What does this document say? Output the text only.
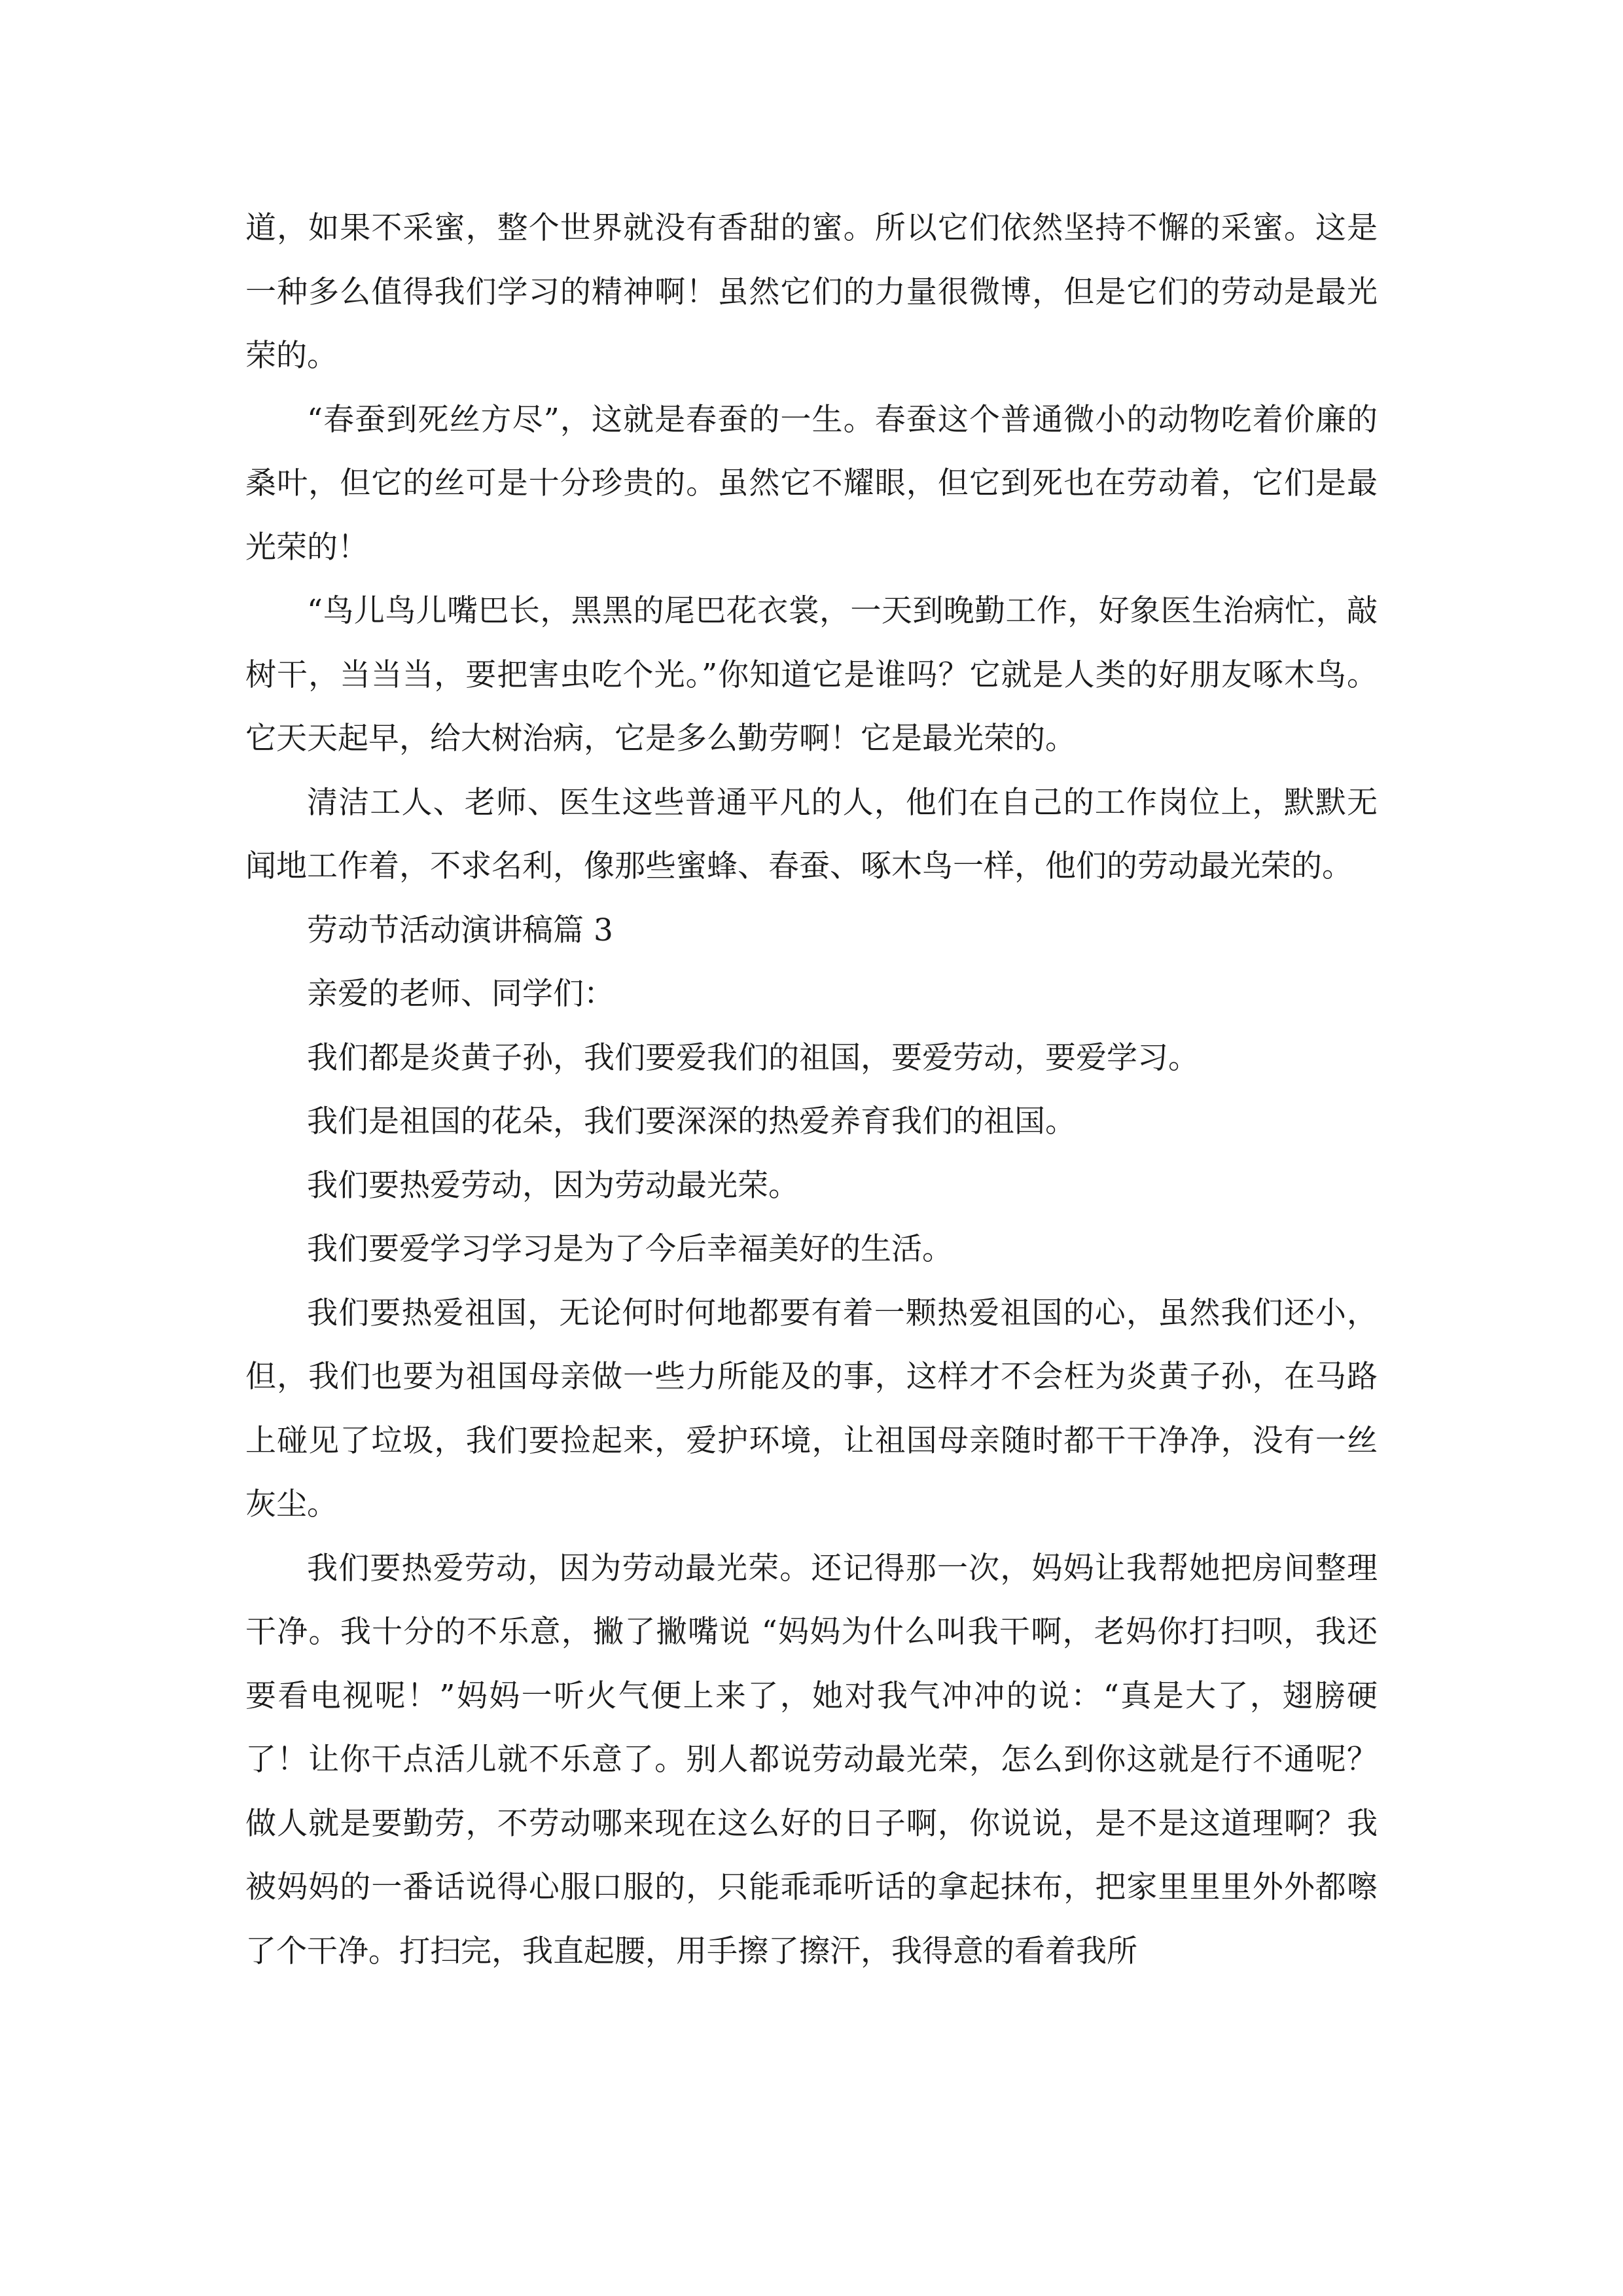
道，如果不采蜜，整个世界就没有香甜的蜜。所以它们依然坚持不懈的采蜜。这是一种多么值得我们学习的精神啊！虽然它们的力量很微博，但是它们的劳动是最光荣的。

“春蚕到死丝方尽”，这就是春蚕的一生。春蚕这个普通微小的动物吃着价廉的桑叶，但它的丝可是十分珍贵的。虽然它不耀眼，但它到死也在劳动着，它们是最光荣的！

“鸟儿鸟儿嘴巴长，黑黑的尾巴花衣裳，一天到晚勤工作，好象医生治病忙，敲树干，当当当，要把害虫吃个光。”你知道它是谁吗？它就是人类的好朋友啄木鸟。它天天起早，给大树治病，它是多么勤劳啊！它是最光荣的。

清洁工人、老师、医生这些普通平凡的人，他们在自己的工作岗位上，默默无闻地工作着，不求名利，像那些蜜蜂、春蚕、啄木鸟一样，他们的劳动最光荣的。

劳动节活动演讲稿篇 3

亲爱的老师、同学们：

我们都是炎黄子孙，我们要爱我们的祖国，要爱劳动，要爱学习。

我们是祖国的花朵，我们要深深的热爱养育我们的祖国。

我们要热爱劳动，因为劳动最光荣。

我们要爱学习学习是为了今后幸福美好的生活。

我们要热爱祖国，无论何时何地都要有着一颗热爱祖国的心，虽然我们还小，但，我们也要为祖国母亲做一些力所能及的事，这样才不会枉为炎黄子孙，在马路上碰见了垃圾，我们要捡起来，爱护环境，让祖国母亲随时都干干净净，没有一丝灰尘。

我们要热爱劳动，因为劳动最光荣。还记得那一次，妈妈让我帮她把房间整理干净。我十分的不乐意，撇了撇嘴说 “妈妈为什么叫我干啊，老妈你打扫呗，我还要看电视呢！”妈妈一听火气便上来了，她对我气冲冲的说：“真是大了，翅膀硬了！让你干点活儿就不乐意了。别人都说劳动最光荣，怎么到你这就是行不通呢？做人就是要勤劳，不劳动哪来现在这么好的日子啊，你说说，是不是这道理啊？我被妈妈的一番话说得心服口服的，只能乖乖听话的拿起抹布，把家里里里外外都嚓了个干净。打扫完，我直起腰，用手擦了擦汗，我得意的看着我所
